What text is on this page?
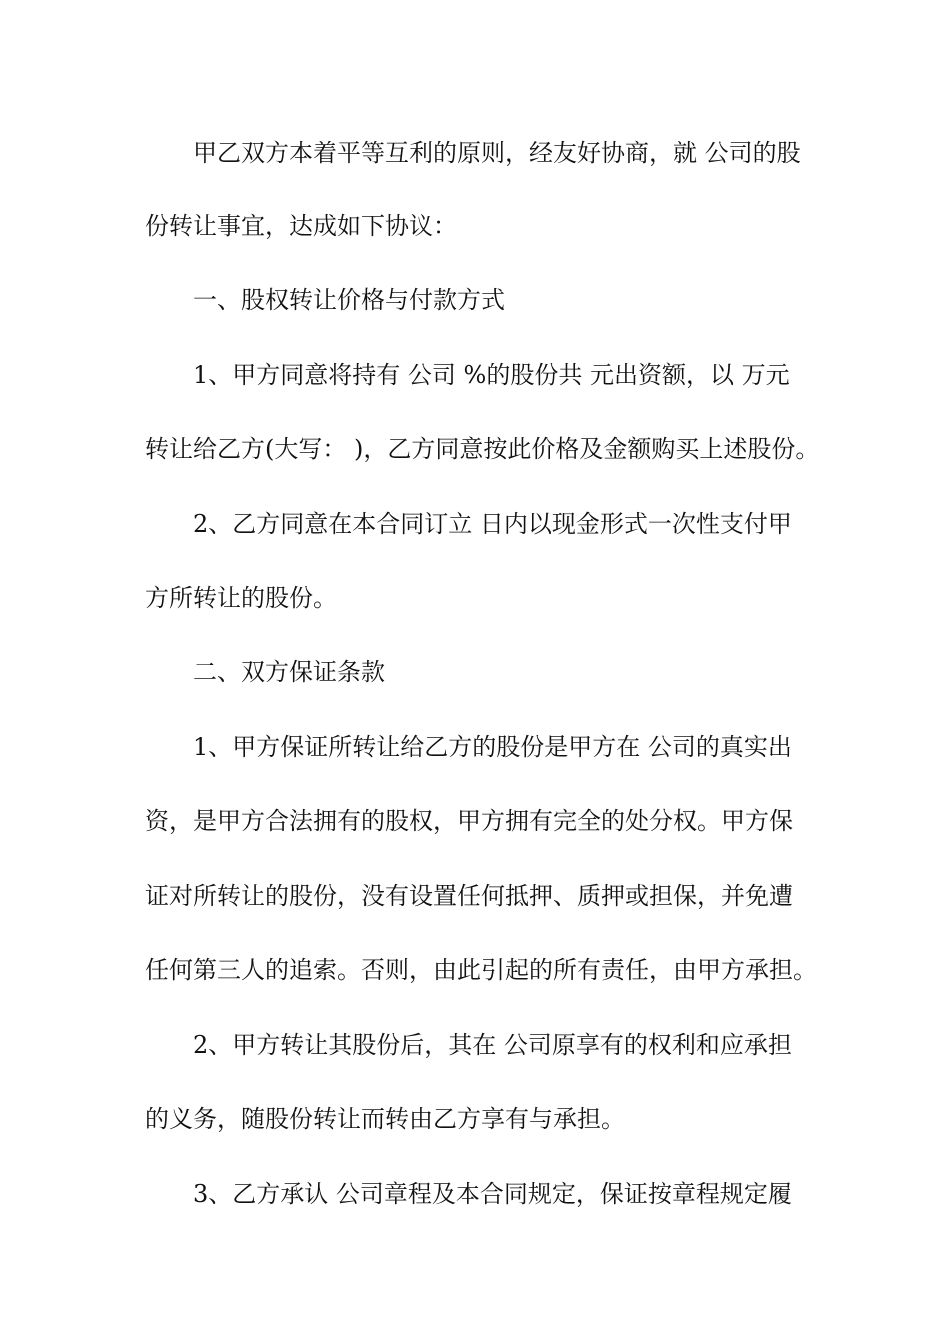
甲乙双方本着平等互利的原则，经友好协商，就 公司的股
份转让事宜，达成如下协议：
一、股权转让价格与付款方式
1、甲方同意将持有 公司 %的股份共 元出资额，以 万元
转让给乙方(大写： )，乙方同意按此价格及金额购买上述股份。
2、乙方同意在本合同订立 日内以现金形式一次性支付甲
方所转让的股份。
二、双方保证条款
1、甲方保证所转让给乙方的股份是甲方在 公司的真实出
资，是甲方合法拥有的股权，甲方拥有完全的处分权。甲方保
证对所转让的股份，没有设置任何抵押、质押或担保，并免遭
任何第三人的追索。否则，由此引起的所有责任，由甲方承担。
2、甲方转让其股份后，其在 公司原享有的权利和应承担
的义务，随股份转让而转由乙方享有与承担。
3、乙方承认 公司章程及本合同规定，保证按章程规定履
